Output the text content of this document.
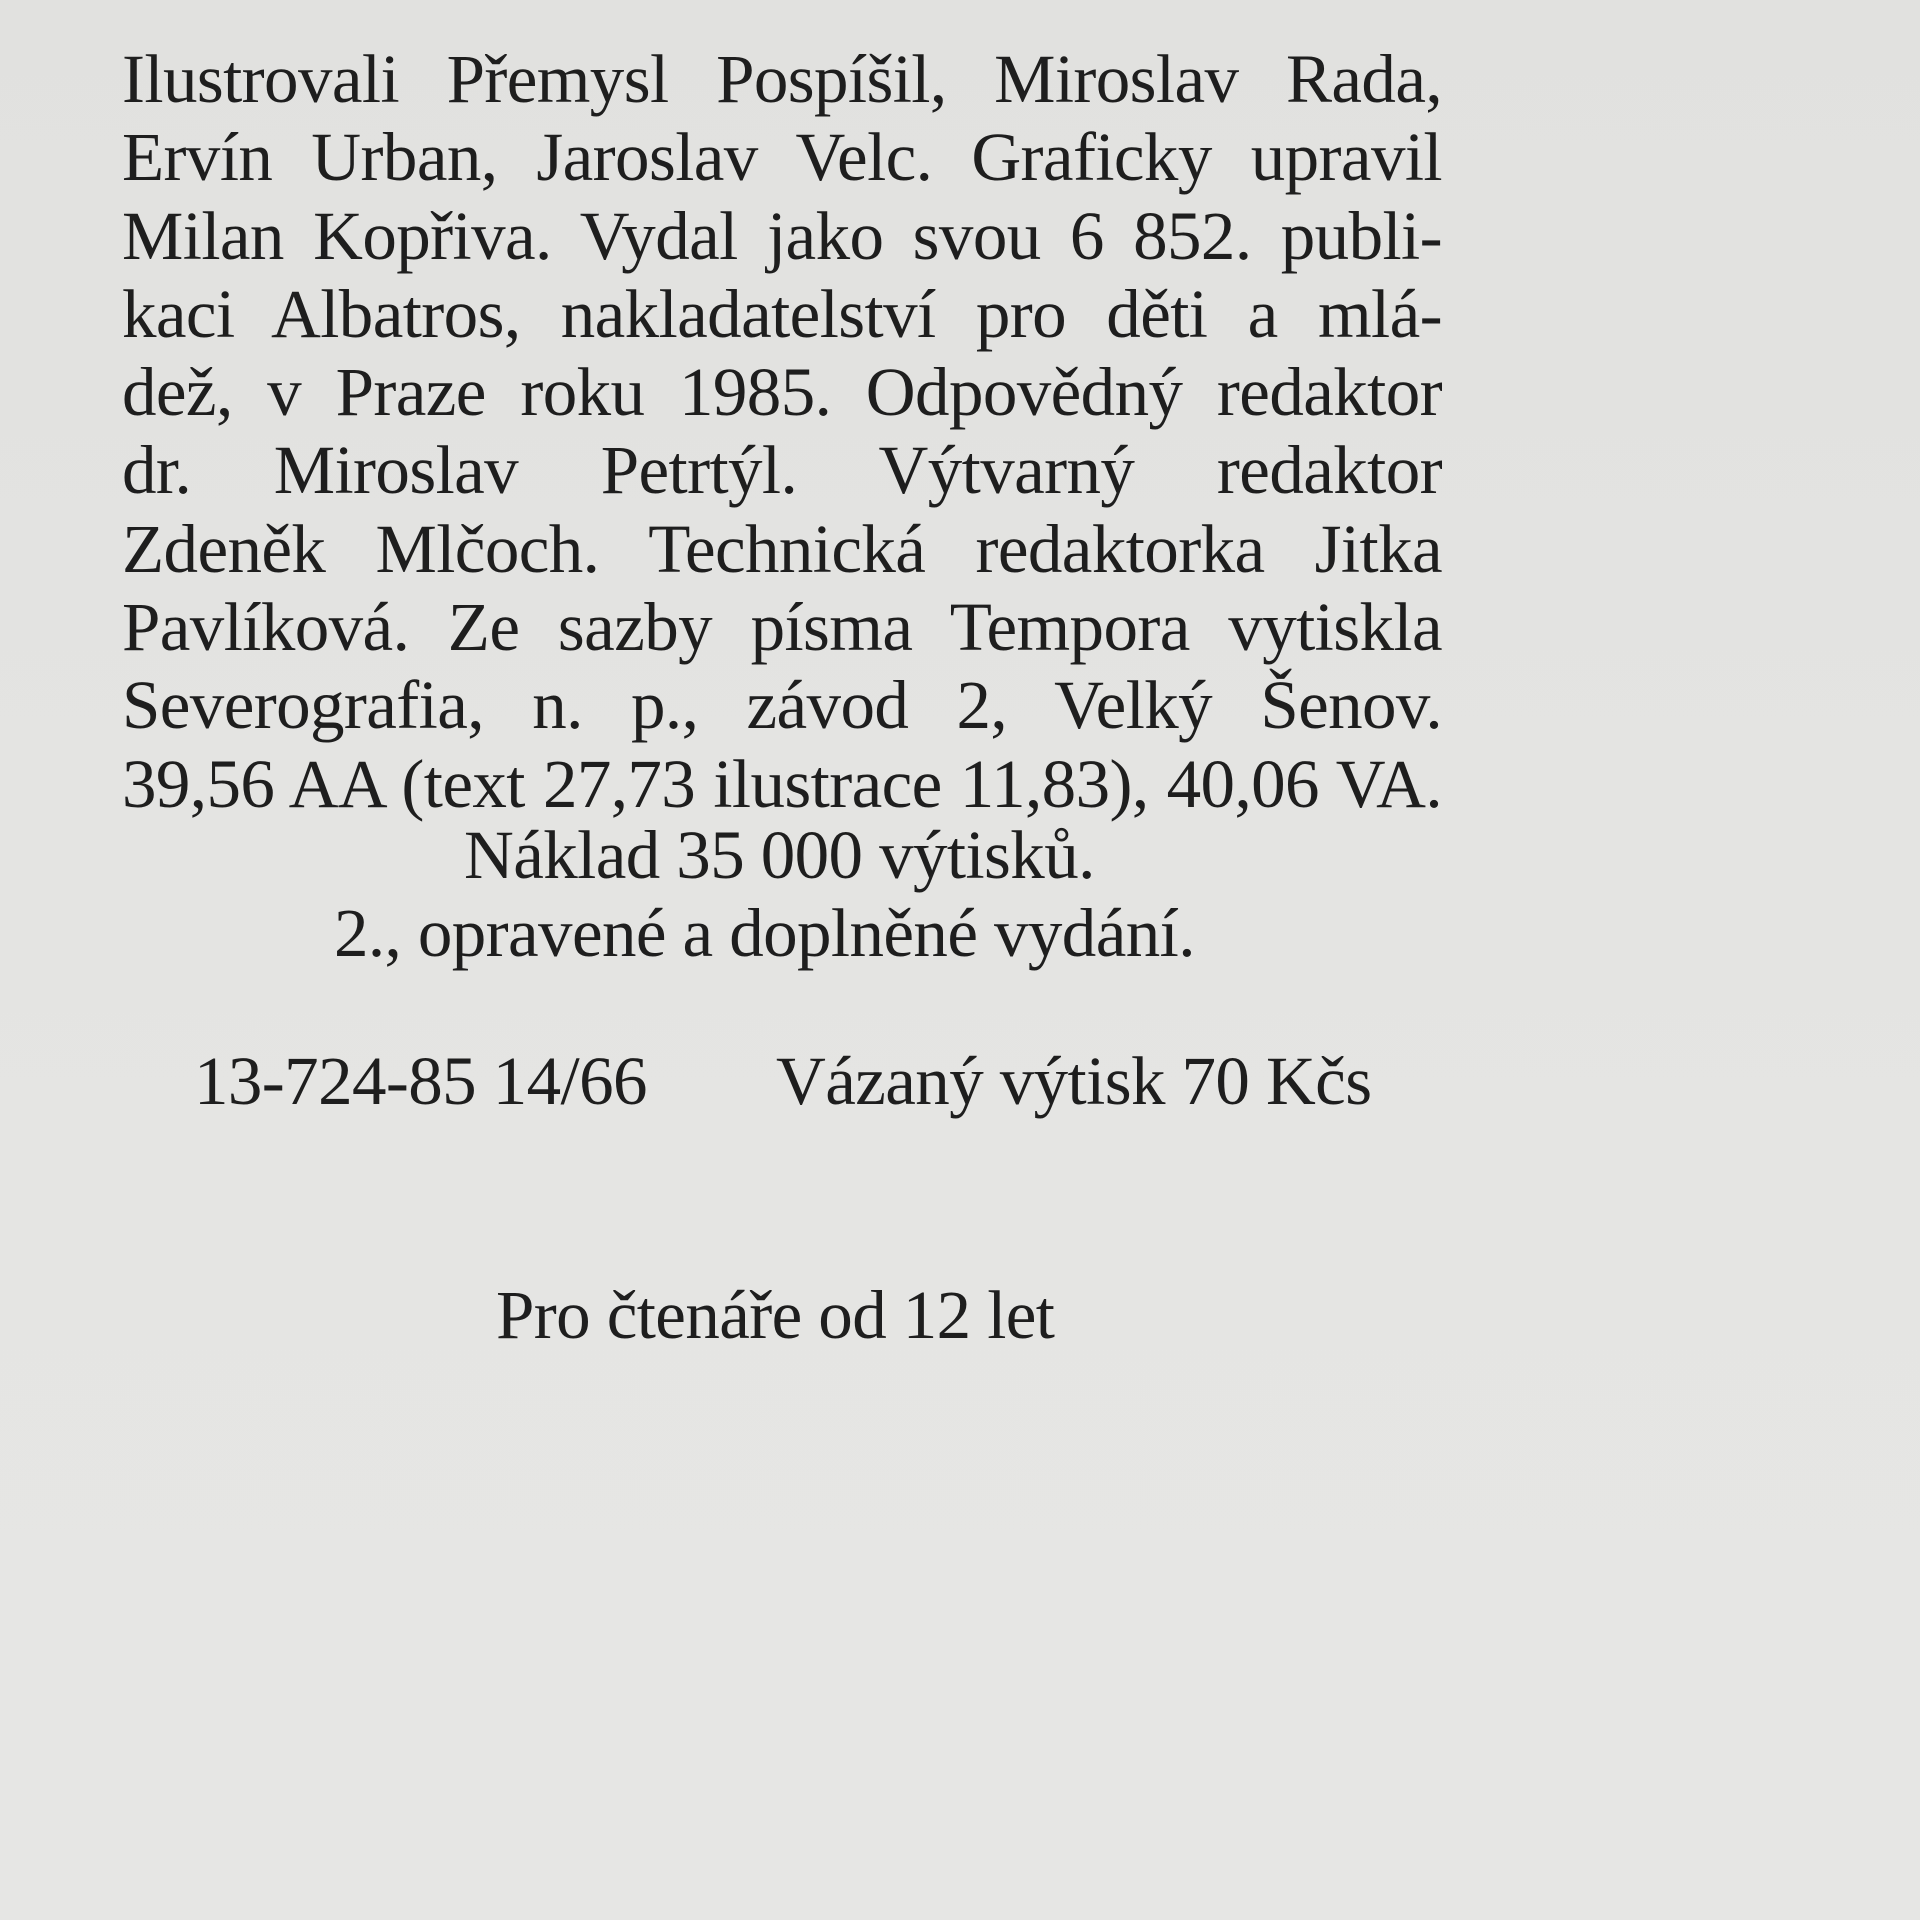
Ilustrovali Přemysl Pospíšil, Miroslav Rada,
Ervín Urban, Jaroslav Velc. Graficky upravil
Milan Kopřiva. Vydal jako svou 6 852. publi-
kaci Albatros, nakladatelství pro děti a mlá-
dež, v Praze roku 1985. Odpovědný redaktor
dr. Miroslav Petrtýl. Výtvarný redaktor
Zdeněk Mlčoch. Technická redaktorka Jitka
Pavlíková. Ze sazby písma Tempora vytiskla
Severografia, n. p., závod 2, Velký Šenov.
39,56 AA (text 27,73 ilustrace 11,83), 40,06 VA.
Náklad 35 000 výtisků.
2., opravené a doplněné vydání.
13-724-85 14/66 Vázaný výtisk 70 Kčs
Pro čtenáře od 12 let
